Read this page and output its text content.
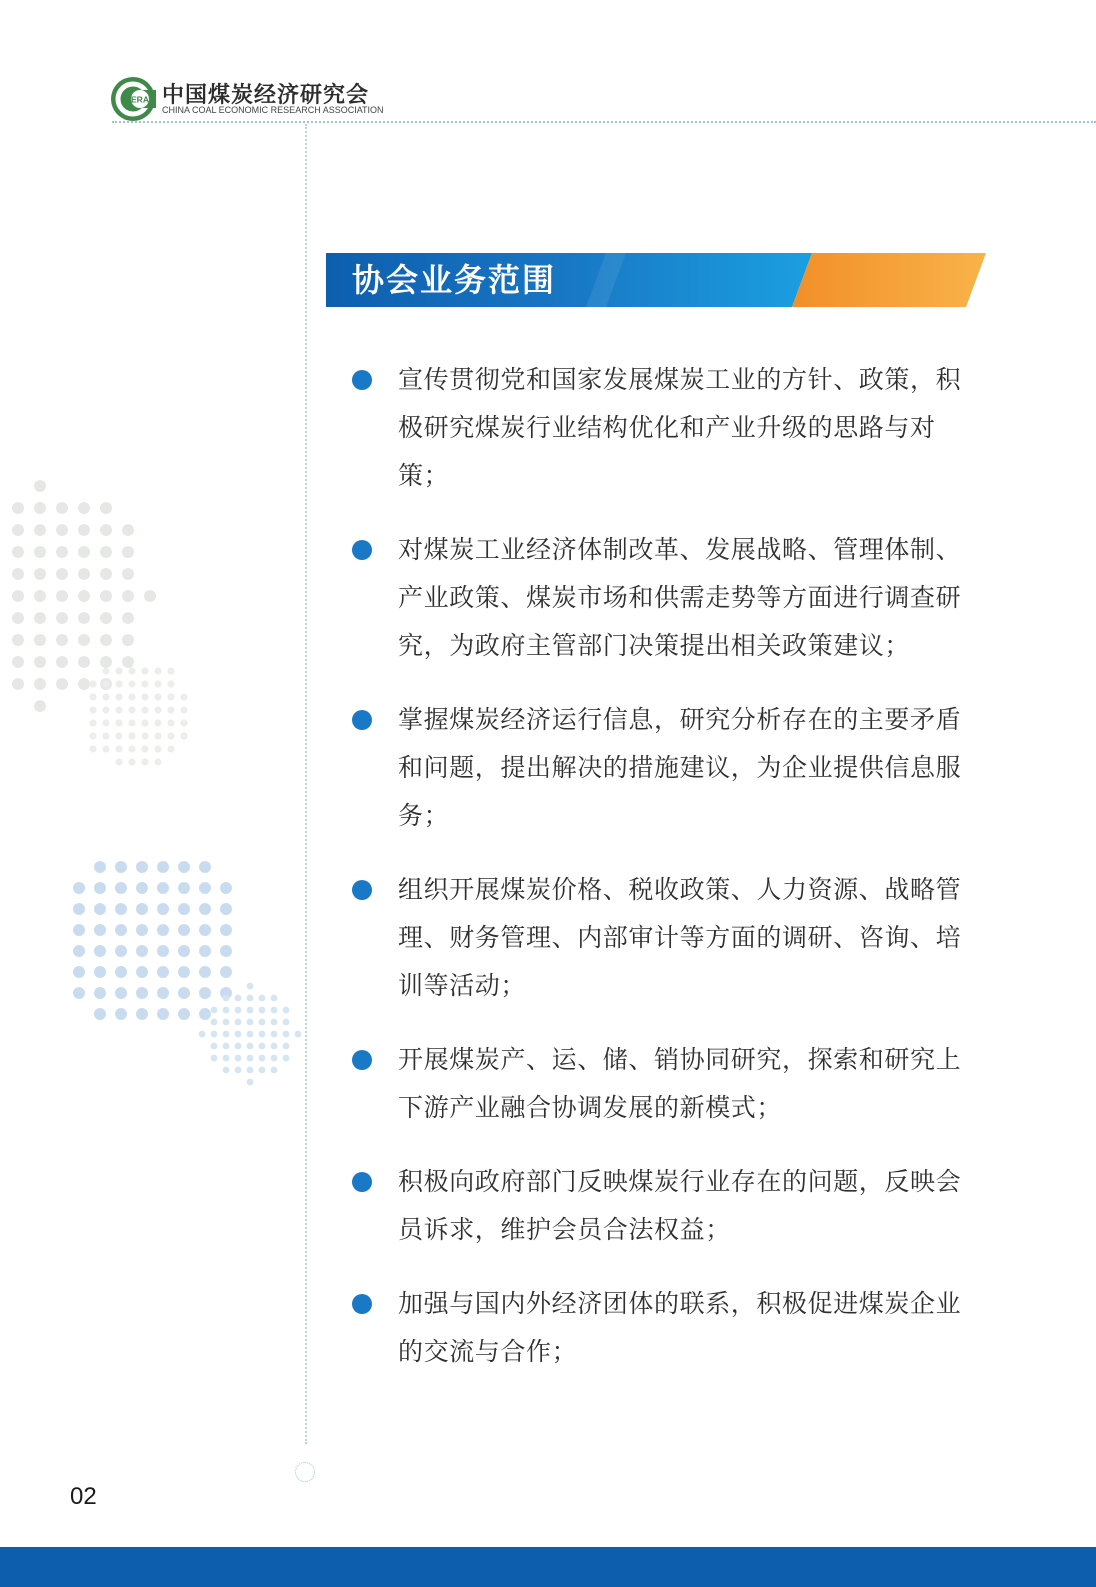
ERA 中国煤炭经济研究会
CHINA COAL ECONOMIC RESEARCH ASSOCIATION
协会业务范围
宣传贯彻党和国家发展煤炭工业的方针、政策，积极研究煤炭行业结构优化和产业升级的思路与对策；
对煤炭工业经济体制改革、发展战略、管理体制、产业政策、煤炭市场和供需走势等方面进行调查研究，为政府主管部门决策提出相关政策建议；
掌握煤炭经济运行信息，研究分析存在的主要矛盾和问题，提出解决的措施建议，为企业提供信息服务；
组织开展煤炭价格、税收政策、人力资源、战略管理、财务管理、内部审计等方面的调研、咨询、培训等活动；
开展煤炭产、运、储、销协同研究，探索和研究上下游产业融合协调发展的新模式；
积极向政府部门反映煤炭行业存在的问题，反映会员诉求，维护会员合法权益；
加强与国内外经济团体的联系，积极促进煤炭企业的交流与合作；
02
